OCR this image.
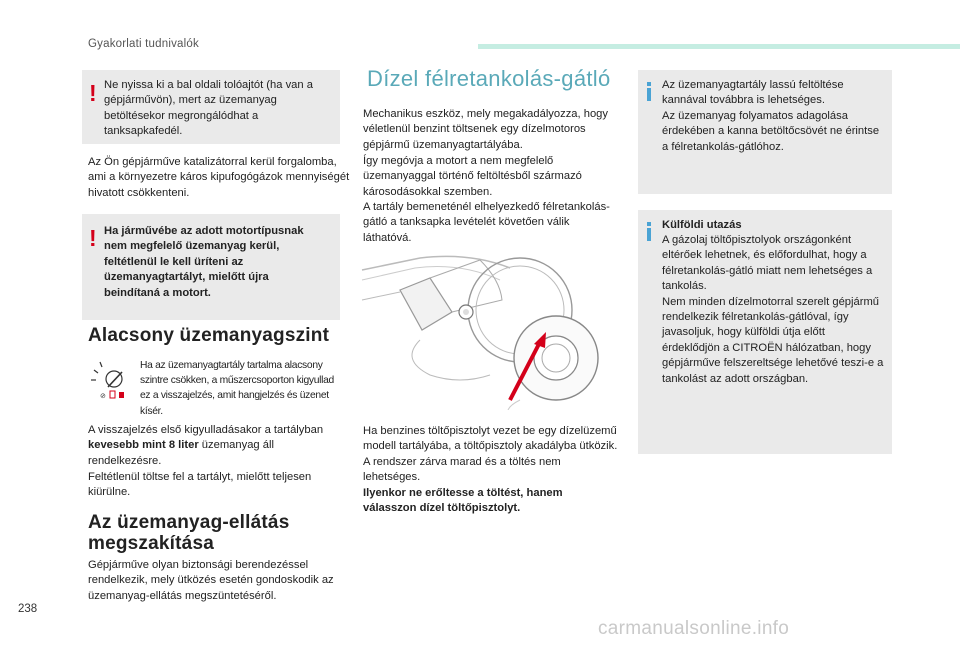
Gyakorlati tudnivalók
! Ne nyissa ki a bal oldali tolóajtót (ha van a gépjárművön), mert az üzemanyag betöltésekor megrongálódhat a tanksapkafedél.

Az Ön gépjárműve katalizátorral kerül forgalomba, ami a környezetre káros kipufogógázok mennyiségét hivatott csökkenteni.

! Ha járművébe az adott motortípusnak nem megfelelő üzemanyag kerül, feltétlenül le kell üríteni az üzemanyagtartályt, mielőtt újra beindítaná a motort.

Alacsony üzemanyagszint
⊘

Ha az üzemanyagtartály tartalma alacsony szintre csökken, a műszercsoporton kigyullad ez a visszajelzés, amit hangjelzés és üzenet kísér.

A visszajelzés első kigyulladásakor a tartályban kevesebb mint 8 liter üzemanyag áll rendelkezésre.

Feltétlenül töltse fel a tartályt, mielőtt teljesen kiürülne.

Az üzemanyag-ellátás megszakítása

Gépjárműve olyan biztonsági berendezéssel rendelkezik, mely ütközés esetén gondoskodik az üzemanyag-ellátás megszüntetéséről.

Dízel félretankolás-gátló

Mechanikus eszköz, mely megakadályozza, hogy véletlenül benzint töltsenek egy dízelmotoros gépjármű üzemanyagtartályába.

Így megóvja a motort a nem megfelelő üzemanyaggal történő feltöltésből származó károsodásokkal szemben.

A tartály bemeneténél elhelyezkedő félretankolás-gátló a tanksapka levételét követően válik láthatóvá.

Ha benzines töltőpisztolyt vezet be egy dízelüzemű modell tartályába, a töltőpisztoly akadályba ütközik. A rendszer zárva marad és a töltés nem lehetséges.

Ilyenkor ne erőltesse a töltést, hanem válasszon dízel töltőpisztolyt.

Az üzemanyagtartály lassú feltöltése kannával továbbra is lehetséges.
Az üzemanyag folyamatos adagolása érdekében a kanna betöltőcsövét ne érintse a félretankolás-gátlóhoz.

Külföldi utazás

A gázolaj töltőpisztolyok országonként eltérőek lehetnek, és előfordulhat, hogy a félretankolás-gátló miatt nem lehetséges a tankolás.
Nem minden dízelmotorral szerelt gépjármű rendelkezik félretankolás-gátlóval, így javasoljuk, hogy külföldi útja előtt érdeklődjön a CITROËN hálózatban, hogy gépjárműve felszereltsége lehetővé teszi-e a tankolást az adott országban.

238
carmanualsonline.info
